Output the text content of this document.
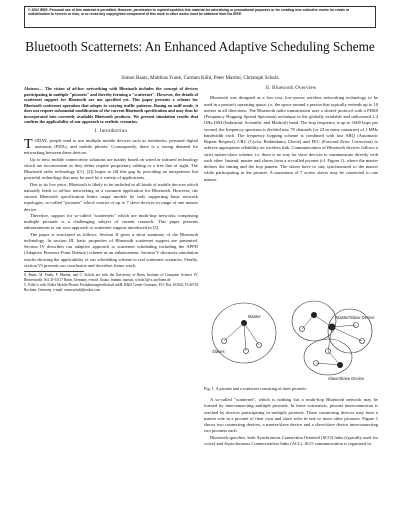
© 2002 IEEE. Personal use of this material is permitted. However, permission to reprint/republish this material for advertising or promotional purposes or for creating new collective works for resale or redistribution to servers or lists, or to reuse any copyrighted component of this work in other works must be obtained from the IEEE.
Bluetooth Scatternets: An Enhanced Adaptive Scheduling Scheme
Simon Baatz, Matthias Frank, Carmen Kühl, Peter Martini, Christoph Scholz
Abstract— The vision of ad-hoc networking with Bluetooth includes the concept of devices participating in multiple "piconets" and thereby forming a "scatternet". However, the details of scatternet support for Bluetooth are not specified yet. This paper presents a scheme for Bluetooth scatternet operation that adapts to varying traffic patterns. Basing on sniff mode, it does not require substantial modification of the current Bluetooth specification and may thus be incorporated into currently available Bluetooth products. We present simulation results that confirm the applicability of our approach to realistic scenarios.
I. Introduction

TODAY, people tend to use multiple mobile devices such as notebooks, personal digital assistants (PDA), and mobile phones. Consequently, there is a strong demand for networking between these devices.

Up to now, mobile connectivity solutions are mainly based on wired or infrared technology which are inconvenient as they either require proprietary cabling or a free line of sight. The Bluetooth radio technology ([1], [2]) hopes to fill this gap by providing an inexpensive but powerful technology that may be used by a variety of applications.

Due to its low price, Bluetooth is likely to be included in all kinds of mobile devices which naturally leads to ad-hoc networking as a common application for Bluetooth. However, the current Bluetooth specification limits usage models by only supporting basic network topologies, so-called "piconets" which consist of up to 7 slave devices in range of one master device.

Therefore, support for so-called "scatternets" which are multi-hop networks comprising multiple piconets is a challenging subject of current research. This paper presents enhancements to our own approach to scatternet support introduced in [3].

The paper is structured as follows. Section II gives a short summary of the Bluetooth technology. In section III, basic properties of Bluetooth scatternet support are presented. Section IV describes our adaptive approach to scatternet scheduling including the APPD (Adaptive Presence Point Density) scheme as an enhancement. Section V discusses simulation results showing the applicability of our scheduling scheme to real scatternet scenarios. Finally, section VI presents our conclusion and describes future work.

S. Baatz, M. Frank, P. Martini, and C. Scholz are with the University of Bonn, Institute of Computer Science IV, Römerstraße 164, D-53117 Bonn, Germany, e-mail: {baatz, frankm, martini, scholz}@cs.uni-bonn.de
C. Kühl is with Nokia Mobile Phones Produktionsgesellschaft mbH, R&D Center Germany, P.O. Box 101823, D-44718 Bochum, Germany, e-mail: carmen.kuhl@nokia.com
II. Bluetooth Overview

Bluetooth was designed as a low-cost, low-power wireless networking technology to be used in a person's operating space, i.e. the space around a person that typically extends up to 10 meters in all directions. The Bluetooth radio transmission uses a slotted protocol with a FHSS (Frequency Hopping Spread Spectrum) technique in the globally available and unlicensed 2.4 GHz ISM (Industrial, Scientific and Medical) band. The hop frequency is up to 1600 hops per second, the frequency spectrum is divided into 79 channels (or 23 in some countries) of 1 MHz bandwidth each. The frequency hopping scheme is combined with fast ARQ (Automatic Repeat Request), CRC (Cyclic Redundancy Check) and FEC (Forward Error Correction) to achieve appropriate reliability on wireless link. Communication of Bluetooth devices follows a strict master-slave scheme, i.e. there is no way for slave devices to communicate directly with each other. Instead, master and slaves form a so-called piconet (cf. Figure 1), where the master defines the timing and the hop pattern. The slaves have to stay synchronized to the master while participating in the piconet. A maximum of 7 active slaves may be connected to one master.

Master
Slaves
Master/Slave Device
Slave/Slave Device
Fig. 1. A piconet and a scatternet consisting of three piconets.

A so-called "scatternet", which is nothing but a multi-hop Bluetooth network may be formed by interconnecting multiple piconets. In these scatternets, piconet interconnection is reached by devices participating in multiple piconets. These connecting devices may have a master role in a piconet of their own and slave roles in one or more other piconets. Figure 1 shows two connecting devices, a master/slave device and a slave/slave device interconnecting two piconets each.

Bluetooth specifies, both Synchronous Connection Oriented (SCO) links (typically used for voice) and Asynchronous Connectionless links (ACL). SCO communication is organized in
